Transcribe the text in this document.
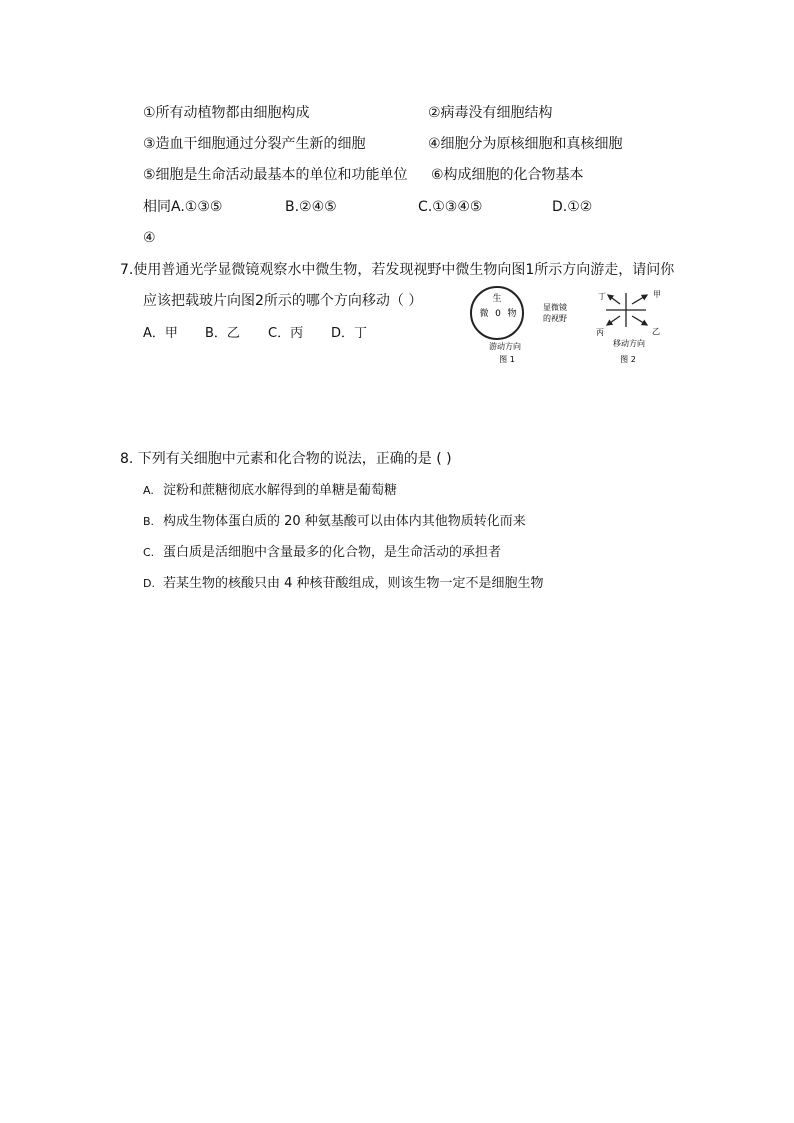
①所有动植物都由细胞构成	②病毒没有细胞结构
③造血干细胞通过分裂产生新的细胞	④细胞分为原核细胞和真核细胞
⑤细胞是生命活动最基本的单位和功能单位 ⑥构成细胞的化合物基本
相同A.①③⑤	B.②④⑤	C.①③④⑤	D.①②
④
7.使用普通光学显微镜观察水中微生物，若发现视野中微生物向图1所示方向游走，请问你
应该把载玻片向图2所示的哪个方向移动（ ）
A．甲 B．乙 C．丙 D．丁
生
微 0 物
显微镜
的视野
游动方向
图 1
丁	甲
丙	乙
移动方向
图 2
8. 下列有关细胞中元素和化合物的说法，正确的是 ( )
A. 淀粉和蔗糖彻底水解得到的单糖是葡萄糖
B. 构成生物体蛋白质的 20 种氨基酸可以由体内其他物质转化而来
C. 蛋白质是活细胞中含量最多的化合物，是生命活动的承担者
D. 若某生物的核酸只由 4 种核苷酸组成，则该生物一定不是细胞生物
